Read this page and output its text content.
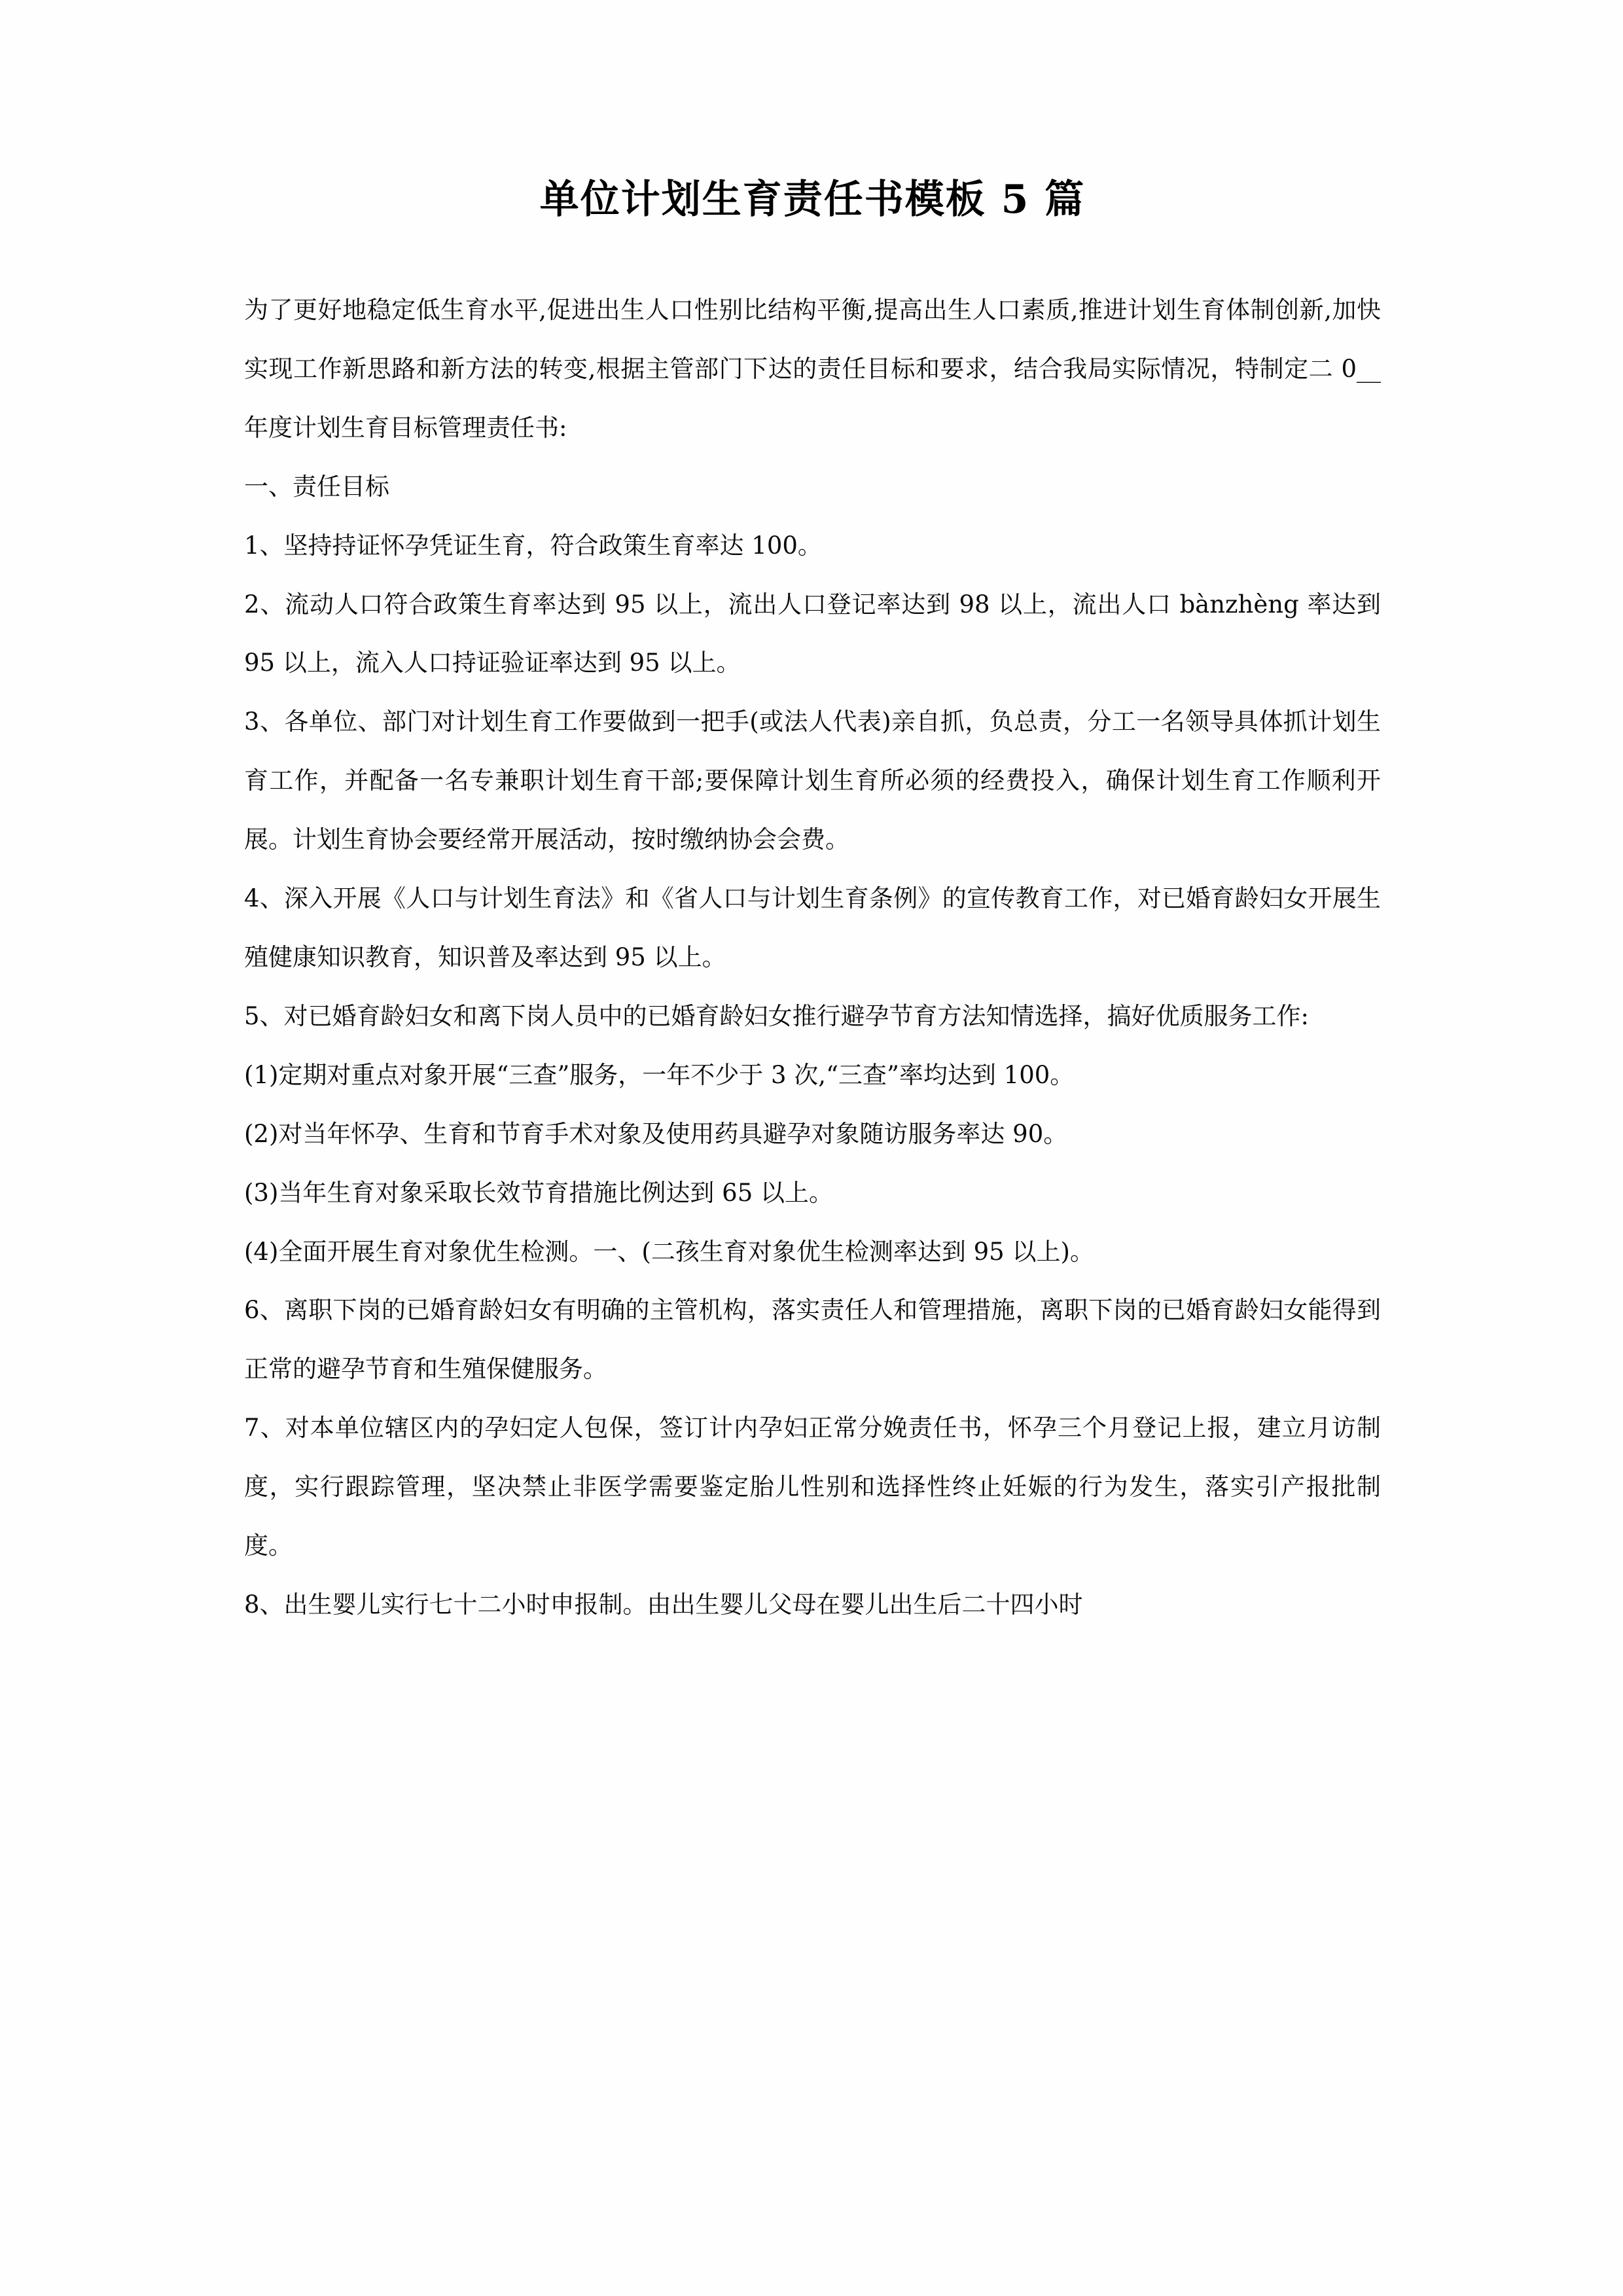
单位计划生育责任书模板 5 篇

为了更好地稳定低生育水平,促进出生人口性别比结构平衡,提高出生人口素质,推进计划生育体制创新,加快实现工作新思路和新方法的转变,根据主管部门下达的责任目标和要求，结合我局实际情况，特制定二 0__年度计划生育目标管理责任书:

一、责任目标

1、坚持持证怀孕凭证生育，符合政策生育率达 100。

2、流动人口符合政策生育率达到 95 以上，流出人口登记率达到 98 以上，流出人口 bànzhèng 率达到 95 以上，流入人口持证验证率达到 95 以上。

3、各单位、部门对计划生育工作要做到一把手(或法人代表)亲自抓，负总责，分工一名领导具体抓计划生育工作，并配备一名专兼职计划生育干部;要保障计划生育所必须的经费投入，确保计划生育工作顺利开展。计划生育协会要经常开展活动，按时缴纳协会会费。

4、深入开展《人口与计划生育法》和《省人口与计划生育条例》的宣传教育工作，对已婚育龄妇女开展生殖健康知识教育，知识普及率达到 95 以上。

5、对已婚育龄妇女和离下岗人员中的已婚育龄妇女推行避孕节育方法知情选择，搞好优质服务工作:

(1)定期对重点对象开展“三查”服务，一年不少于 3 次,“三查”率均达到 100。

(2)对当年怀孕、生育和节育手术对象及使用药具避孕对象随访服务率达 90。

(3)当年生育对象采取长效节育措施比例达到 65 以上。

(4)全面开展生育对象优生检测。一、(二孩生育对象优生检测率达到 95 以上)。

6、离职下岗的已婚育龄妇女有明确的主管机构，落实责任人和管理措施，离职下岗的已婚育龄妇女能得到正常的避孕节育和生殖保健服务。

7、对本单位辖区内的孕妇定人包保，签订计内孕妇正常分娩责任书，怀孕三个月登记上报，建立月访制度，实行跟踪管理，坚决禁止非医学需要鉴定胎儿性别和选择性终止妊娠的行为发生，落实引产报批制度。

8、出生婴儿实行七十二小时申报制。由出生婴儿父母在婴儿出生后二十四小时
